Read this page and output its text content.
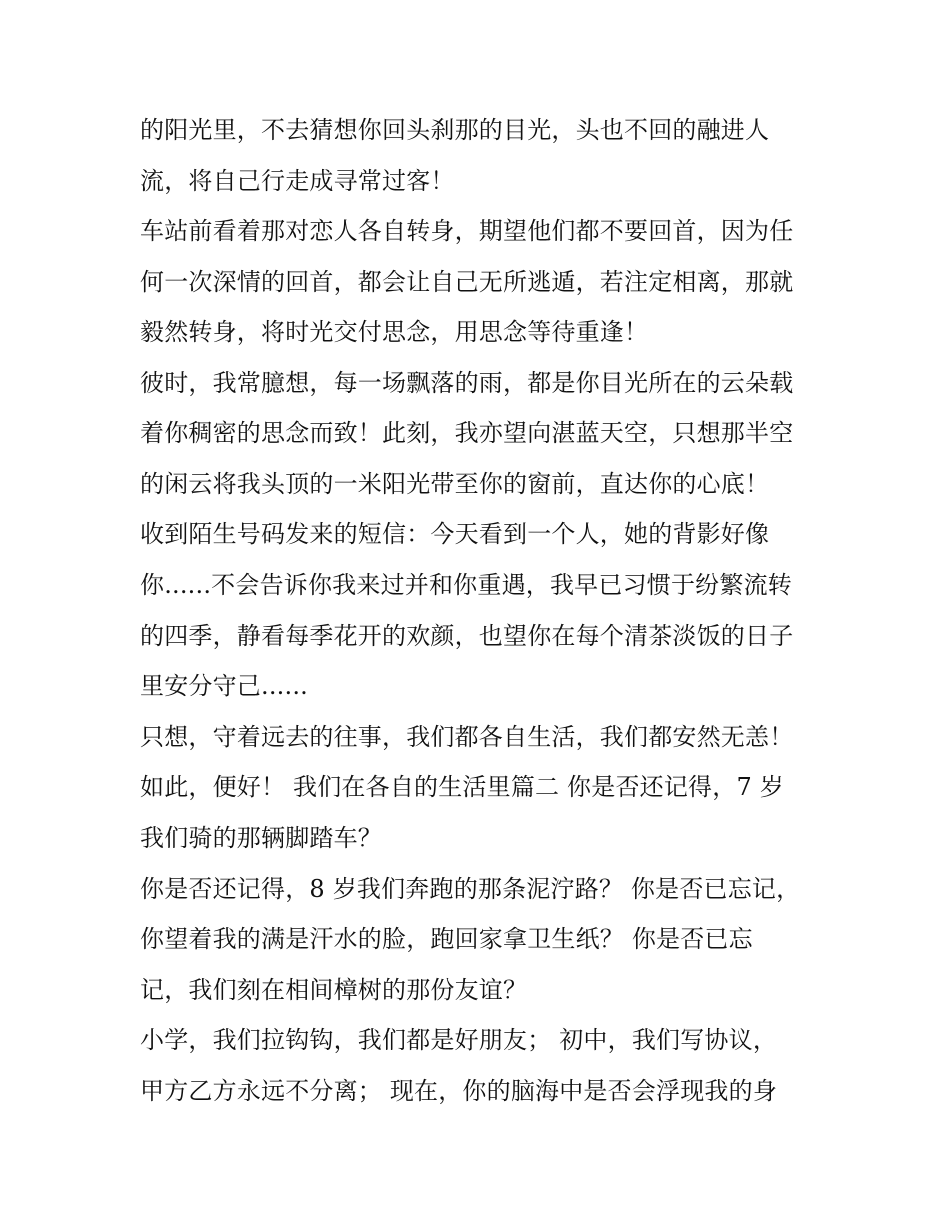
的阳光里，不去猜想你回头刹那的目光，头也不回的融进人
流，将自己行走成寻常过客！
车站前看着那对恋人各自转身，期望他们都不要回首，因为任
何一次深情的回首，都会让自己无所逃遁，若注定相离，那就
毅然转身，将时光交付思念，用思念等待重逢！
彼时，我常臆想，每一场飘落的雨，都是你目光所在的云朵载
着你稠密的思念而致！此刻，我亦望向湛蓝天空，只想那半空
的闲云将我头顶的一米阳光带至你的窗前，直达你的心底！
收到陌生号码发来的短信：今天看到一个人，她的背影好像
你......不会告诉你我来过并和你重遇，我早已习惯于纷繁流转
的四季，静看每季花开的欢颜，也望你在每个清茶淡饭的日子
里安分守己......
只想，守着远去的往事，我们都各自生活，我们都安然无恙！
如此，便好！ 我们在各自的生活里篇二 你是否还记得，7 岁
我们骑的那辆脚踏车？
你是否还记得，8 岁我们奔跑的那条泥泞路？ 你是否已忘记，
你望着我的满是汗水的脸，跑回家拿卫生纸？ 你是否已忘
记，我们刻在相间樟树的那份友谊？
小学，我们拉钩钩，我们都是好朋友； 初中，我们写协议，
甲方乙方永远不分离； 现在，你的脑海中是否会浮现我的身
